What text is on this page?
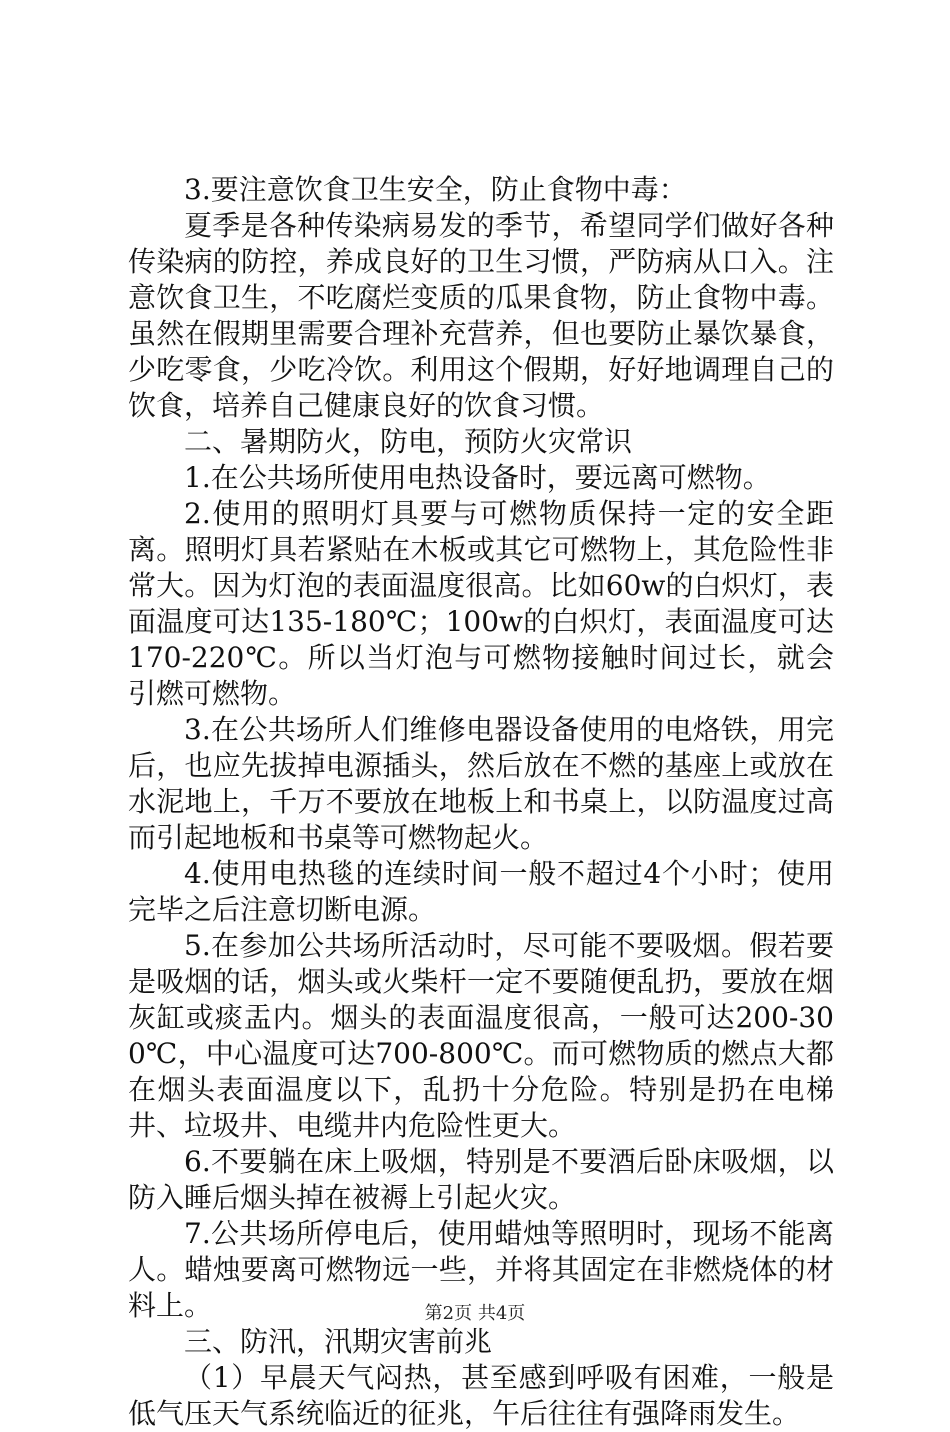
3.要注意饮食卫生安全，防止食物中毒：

夏季是各种传染病易发的季节，希望同学们做好各种传染病的防控，养成良好的卫生习惯，严防病从口入。注意饮食卫生，不吃腐烂变质的瓜果食物，防止食物中毒。虽然在假期里需要合理补充营养，但也要防止暴饮暴食，少吃零食，少吃冷饮。利用这个假期，好好地调理自己的饮食，培养自己健康良好的饮食习惯。

二、暑期防火，防电，预防火灾常识

1.在公共场所使用电热设备时，要远离可燃物。

2.使用的照明灯具要与可燃物质保持一定的安全距离。照明灯具若紧贴在木板或其它可燃物上，其危险性非常大。因为灯泡的表面温度很高。比如60w的白炽灯，表面温度可达135-180℃；100w的白炽灯，表面温度可达170-220℃。所以当灯泡与可燃物接触时间过长，就会引燃可燃物。

3.在公共场所人们维修电器设备使用的电烙铁，用完后，也应先拔掉电源插头，然后放在不燃的基座上或放在水泥地上，千万不要放在地板上和书桌上，以防温度过高而引起地板和书桌等可燃物起火。

4.使用电热毯的连续时间一般不超过4个小时；使用完毕之后注意切断电源。

5.在参加公共场所活动时，尽可能不要吸烟。假若要是吸烟的话，烟头或火柴杆一定不要随便乱扔，要放在烟灰缸或痰盂内。烟头的表面温度很高，一般可达200-300℃，中心温度可达700-800℃。而可燃物质的燃点大都在烟头表面温度以下，乱扔十分危险。特别是扔在电梯井、垃圾井、电缆井内危险性更大。

6.不要躺在床上吸烟，特别是不要酒后卧床吸烟，以防入睡后烟头掉在被褥上引起火灾。

7.公共场所停电后，使用蜡烛等照明时，现场不能离人。蜡烛要离可燃物远一些，并将其固定在非燃烧体的材料上。

三、防汛，汛期灾害前兆

（1）早晨天气闷热，甚至感到呼吸有困难，一般是低气压天气系统临近的征兆，午后往往有强降雨发生。

第2页 共4页
